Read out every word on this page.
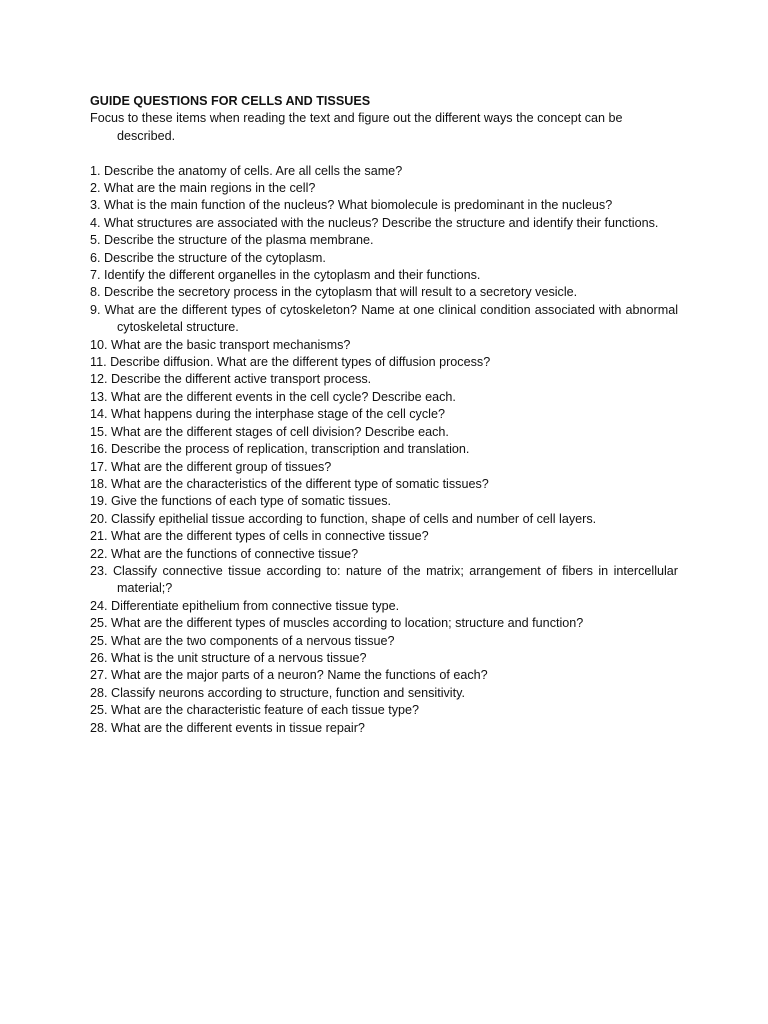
GUIDE QUESTIONS FOR CELLS AND TISSUES

Focus to these items when reading the text and figure out the different ways the concept can be described.

1. Describe the anatomy of cells. Are all cells the same?
2. What are the main regions in the cell?
3. What is the main function of the nucleus? What biomolecule is predominant in the nucleus?
4. What structures are associated with the nucleus? Describe the structure and identify their functions.
5. Describe the structure of the plasma membrane.
6. Describe the structure of the cytoplasm.
7. Identify the different organelles in the cytoplasm and their functions.
8. Describe the secretory process in the cytoplasm that will result to a secretory vesicle.
9. What are the different types of cytoskeleton? Name at one clinical condition associated with abnormal cytoskeletal structure.
10. What are the basic transport mechanisms?
11. Describe diffusion. What are the different types of diffusion process?
12. Describe the different active transport process.
13. What are the different events in the cell cycle? Describe each.
14. What happens during the interphase stage of the cell cycle?
15. What are the different stages of cell division? Describe each.
16. Describe the process of replication, transcription and translation.
17. What are the different group of tissues?
18. What are the characteristics of the different type of somatic tissues?
19. Give the functions of each type of somatic tissues.
20. Classify epithelial tissue according to function, shape of cells and number of cell layers.
21. What are the different types of cells in connective tissue?
22. What are the functions of connective tissue?
23. Classify connective tissue according to: nature of the matrix; arrangement of fibers in intercellular material;?
24. Differentiate epithelium from connective tissue type.
25. What are the different types of muscles according to location; structure and function?
25. What are the two components of a nervous tissue?
26. What is the unit structure of a nervous tissue?
27. What are the major parts of a neuron? Name the functions of each?
28. Classify neurons according to structure, function and sensitivity.
25. What are the characteristic feature of each tissue type?
28. What are the different events in tissue repair?
